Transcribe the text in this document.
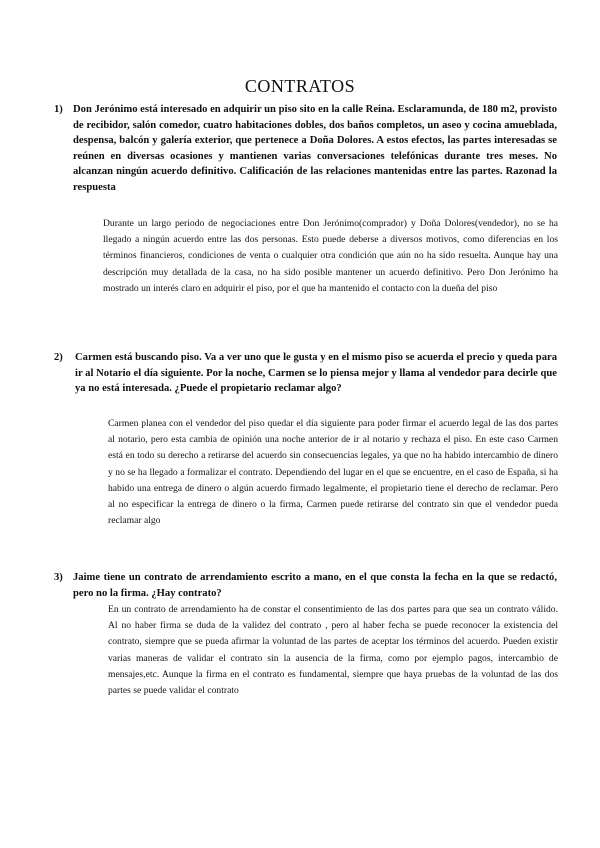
CONTRATOS
1) Don Jerónimo está interesado en adquirir un piso sito en la calle Reina. Esclaramunda, de 180 m2, provisto de recibidor, salón comedor, cuatro habitaciones dobles, dos baños completos, un aseo y cocina amueblada, despensa, balcón y galería exterior, que pertenece a Doña Dolores. A estos efectos, las partes interesadas se reúnen en diversas ocasiones y mantienen varias conversaciones telefónicas durante tres meses. No alcanzan ningún acuerdo definitivo. Calificación de las relaciones mantenidas entre las partes. Razonad la respuesta
Durante un largo periodo de negociaciones entre Don Jerónimo(comprador) y Doña Dolores(vendedor), no se ha llegado a ningún acuerdo entre las dos personas. Esto puede deberse a diversos motivos, como diferencias en los términos financieros, condiciones de venta o cualquier otra condición que aún no ha sido resuelta. Aunque hay una descripción muy detallada de la casa, no ha sido posible mantener un acuerdo definitivo. Pero Don Jerónimo ha mostrado un interés claro en adquirir el piso, por el que ha mantenido el contacto con la dueña del piso
2) Carmen está buscando piso. Va a ver uno que le gusta y en el mismo piso se acuerda el precio y queda para ir al Notario el día siguiente. Por la noche, Carmen se lo piensa mejor y llama al vendedor para decirle que ya no está interesada. ¿Puede el propietario reclamar algo?
Carmen planea con el vendedor del piso quedar el día siguiente para poder firmar el acuerdo legal de las dos partes al notario, pero esta cambia de opinión una noche anterior de ir al notario y rechaza el piso. En este caso Carmen está en todo su derecho a retirarse del acuerdo sin consecuencias legales, ya que no ha habido intercambio de dinero y no se ha llegado a formalizar el contrato. Dependiendo del lugar en el que se encuentre, en el caso de España, si ha habido una entrega de dinero o algún acuerdo firmado legalmente, el propietario tiene el derecho de reclamar. Pero al no especificar la entrega de dinero o la firma, Carmen puede retirarse del contrato sin que el vendedor pueda reclamar algo
3) Jaime tiene un contrato de arrendamiento escrito a mano, en el que consta la fecha en la que se redactó, pero no la firma. ¿Hay contrato?
En un contrato de arrendamiento ha de constar el consentimiento de las dos partes para que sea un contrato válido. Al no haber firma se duda de la validez del contrato , pero al haber fecha se puede reconocer la existencia del contrato, siempre que se pueda afirmar la voluntad de las partes de aceptar los términos del acuerdo. Pueden existir varias maneras de validar el contrato sin la ausencia de la firma, como por ejemplo pagos, intercambio de mensajes,etc. Aunque la firma en el contrato es fundamental, siempre que haya pruebas de la voluntad de las dos partes se puede validar el contrato
